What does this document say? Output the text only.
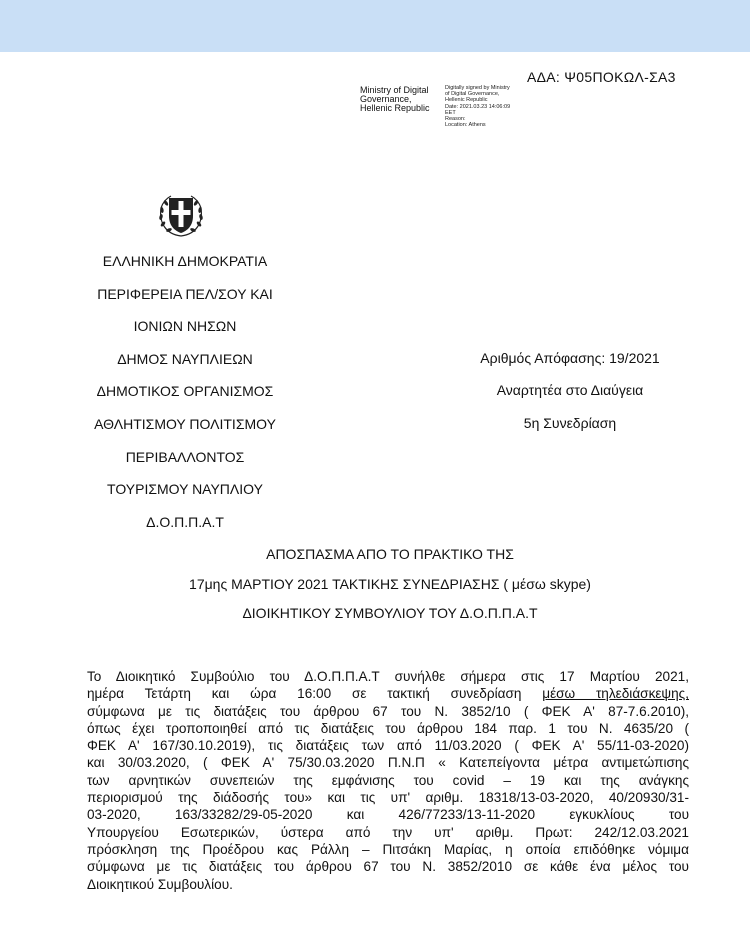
ΑΔΑ: Ψ05ΠΟΚΩΛ-ΣΑ3
Ministry of Digital
Governance,
Hellenic Republic
Digitally signed by Ministry
of Digital Governance,
Hellenic Republic
Date: 2021.03.23 14:06:09
EET
Reason:
Location: Athens
ΕΛΛΗΝΙΚΗ ΔΗΜΟΚΡΑΤΙΑ
ΠΕΡΙΦΕΡΕΙΑ ΠΕΛ/ΣΟΥ ΚΑΙ
ΙΟΝΙΩΝ ΝΗΣΩΝ
ΔΗΜΟΣ ΝΑΥΠΛΙΕΩΝ
ΔΗΜΟΤΙΚΟΣ ΟΡΓΑΝΙΣΜΟΣ
ΑΘΛΗΤΙΣΜΟΥ ΠΟΛΙΤΙΣΜΟΥ
ΠΕΡΙΒΑΛΛΟΝΤΟΣ
ΤΟΥΡΙΣΜΟΥ ΝΑΥΠΛΙΟΥ
Δ.Ο.Π.Π.Α.Τ
Αριθμός Απόφασης: 19/2021
Αναρτητέα στο Διαύγεια
5η Συνεδρίαση
ΑΠΟΣΠΑΣΜΑ ΑΠΟ ΤΟ ΠΡΑΚΤΙΚΟ ΤΗΣ
17μης ΜΑΡΤΙΟΥ 2021 ΤΑΚΤΙΚΗΣ ΣΥΝΕΔΡΙΑΣΗΣ ( μέσω skype)
ΔΙΟΙΚΗΤΙΚΟΥ ΣΥΜΒΟΥΛΙΟΥ ΤΟΥ Δ.Ο.Π.Π.Α.Τ
Το Διοικητικό Συμβούλιο του Δ.Ο.Π.Π.Α.Τ συνήλθε σήμερα στις 17 Μαρτίου 2021,
ημέρα Τετάρτη και ώρα 16:00 σε τακτική συνεδρίαση μέσω τηλεδιάσκεψης,
σύμφωνα με τις διατάξεις του άρθρου 67 του Ν. 3852/10 ( ΦΕΚ Α' 87-7.6.2010),
όπως έχει τροποποιηθεί από τις διατάξεις του άρθρου 184 παρ. 1 του Ν. 4635/20 (
ΦΕΚ Α' 167/30.10.2019), τις διατάξεις των από 11/03.2020 ( ΦΕΚ Α' 55/11-03-2020)
και 30/03.2020, ( ΦΕΚ Α' 75/30.03.2020 Π.Ν.Π « Κατεπείγοντα μέτρα αντιμετώπισης
των αρνητικών συνεπειών της εμφάνισης του covid – 19 και της ανάγκης
περιορισμού της διάδοσής του» και τις υπ' αριθμ. 18318/13-03-2020, 40/20930/31-
03-2020, 163/33282/29-05-2020 και 426/77233/13-11-2020 εγκυκλίους του
Υπουργείου Εσωτερικών, ύστερα από την υπ' αριθμ. Πρωτ: 242/12.03.2021
πρόσκληση της Προέδρου κας Ράλλη – Πιτσάκη Μαρίας, η οποία επιδόθηκε νόμιμα
σύμφωνα με τις διατάξεις του άρθρου 67 του Ν. 3852/2010 σε κάθε ένα μέλος του
Διοικητικού Συμβουλίου.
